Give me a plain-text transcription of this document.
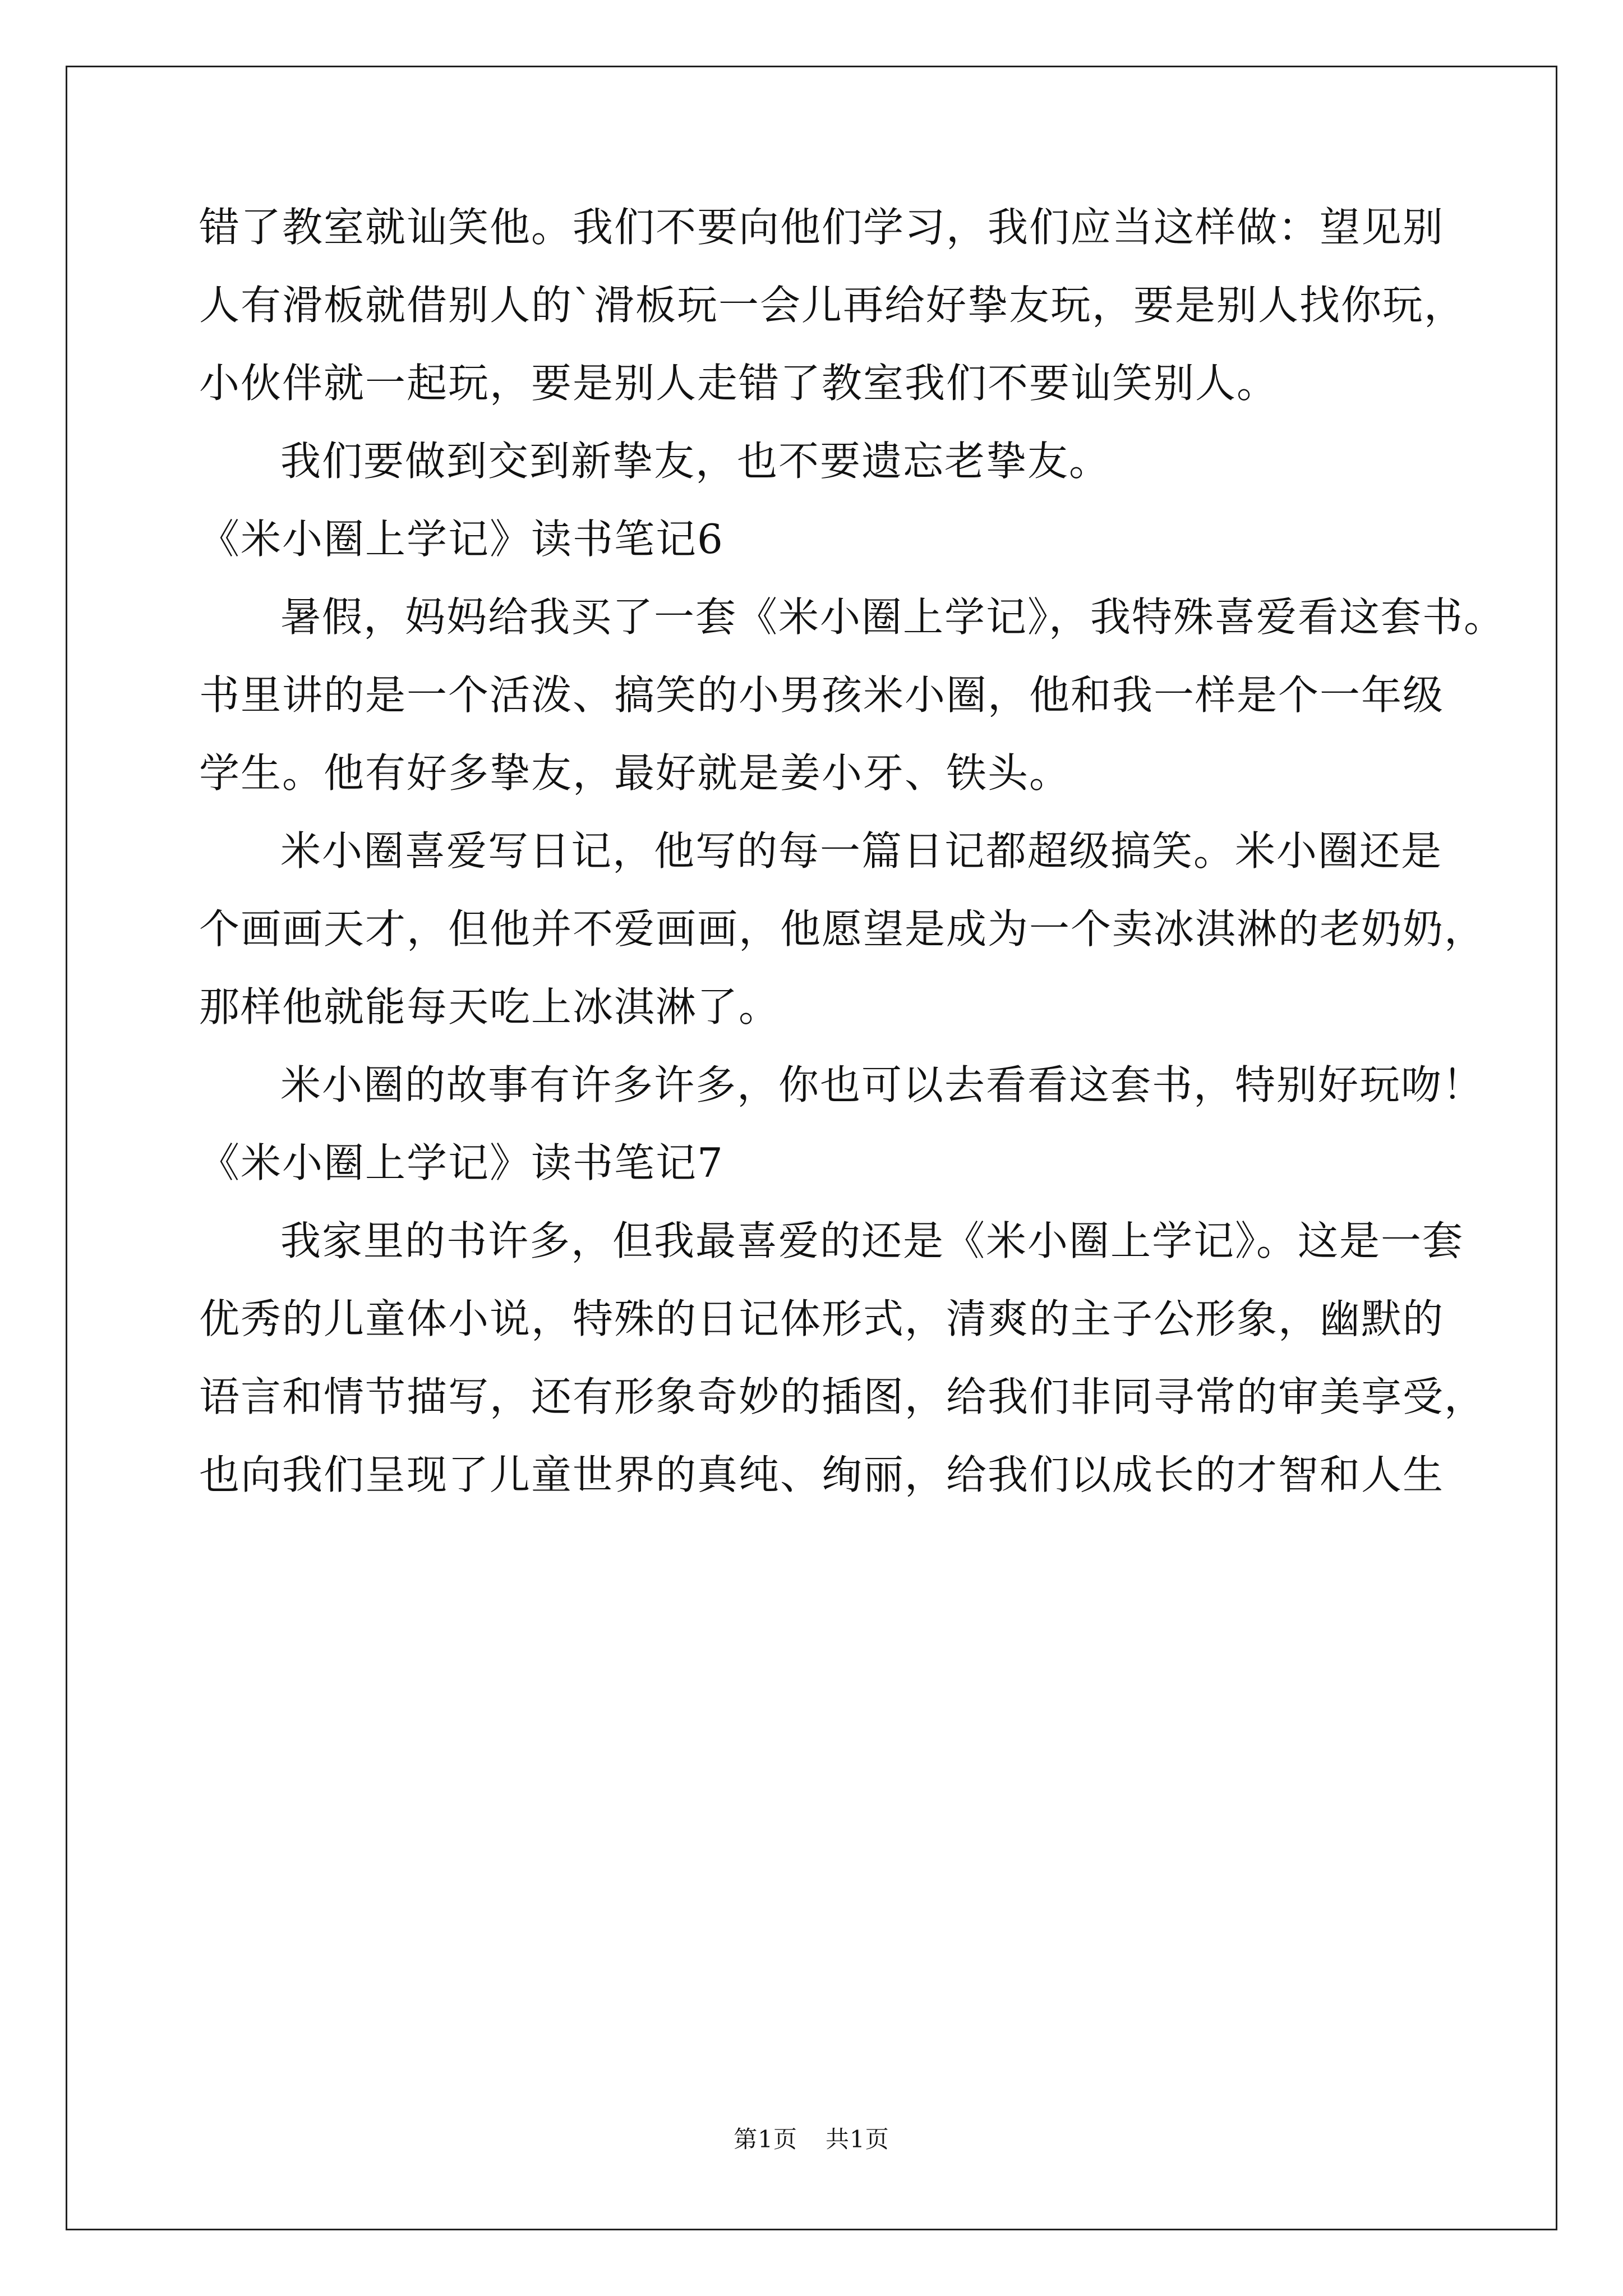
错了教室就讪笑他。我们不要向他们学习，我们应当这样做：望见别
人有滑板就借别人的`滑板玩一会儿再给好挚友玩，要是别人找你玩，
小伙伴就一起玩，要是别人走错了教室我们不要讪笑别人。
我们要做到交到新挚友，也不要遗忘老挚友。
《米小圈上学记》读书笔记6
暑假，妈妈给我买了一套《米小圈上学记》，我特殊喜爱看这套书。
书里讲的是一个活泼、搞笑的小男孩米小圈，他和我一样是个一年级
学生。他有好多挚友，最好就是姜小牙、铁头。
米小圈喜爱写日记，他写的每一篇日记都超级搞笑。米小圈还是
个画画天才，但他并不爱画画，他愿望是成为一个卖冰淇淋的老奶奶，
那样他就能每天吃上冰淇淋了。
米小圈的故事有许多许多，你也可以去看看这套书，特别好玩吻！
《米小圈上学记》读书笔记7
我家里的书许多，但我最喜爱的还是《米小圈上学记》。这是一套
优秀的儿童体小说，特殊的日记体形式，清爽的主子公形象，幽默的
语言和情节描写，还有形象奇妙的插图，给我们非同寻常的审美享受，
也向我们呈现了儿童世界的真纯、绚丽，给我们以成长的才智和人生
第1页 共1页
